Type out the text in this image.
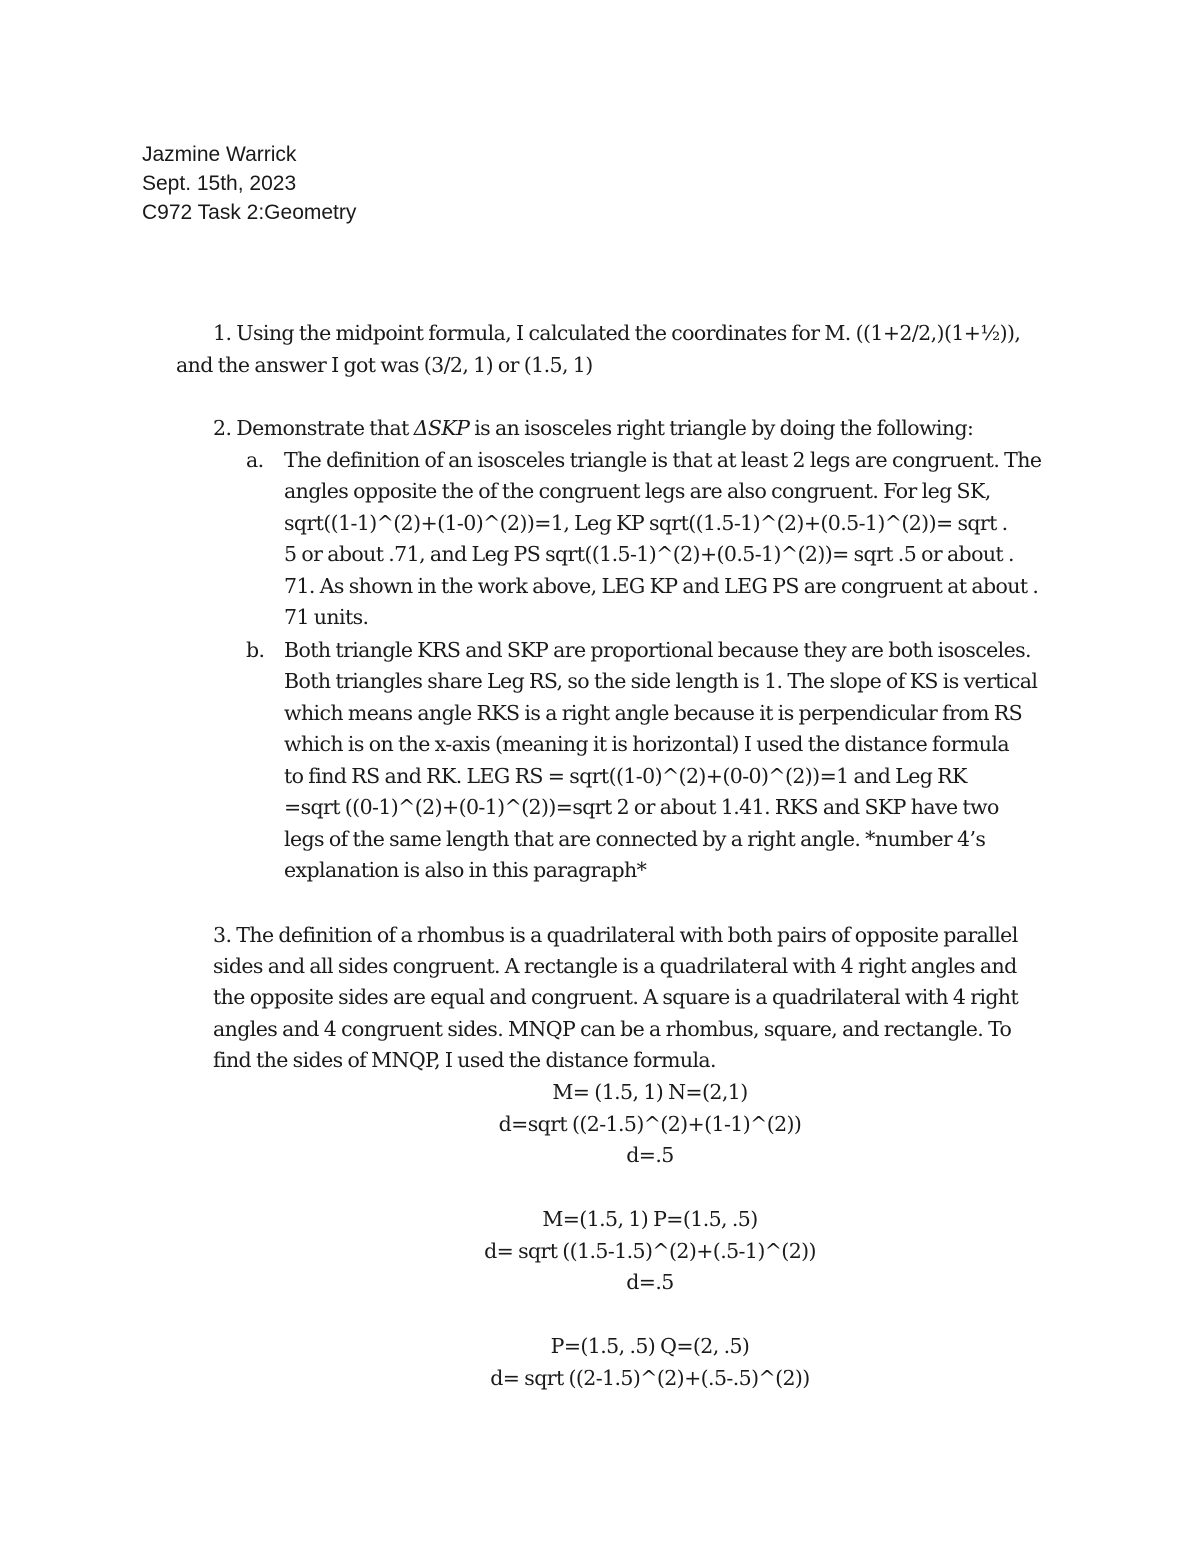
Jazmine Warrick
Sept. 15th, 2023
C972 Task 2:Geometry
1. Using the midpoint formula, I calculated the coordinates for M. ((1+2/2,)(1+½)),
and the answer I got was (3/2, 1) or (1.5, 1)
2. Demonstrate that ΔSKP is an isosceles right triangle by doing the following:
a. The definition of an isosceles triangle is that at least 2 legs are congruent. The
angles opposite the of the congruent legs are also congruent. For leg SK,
sqrt((1-1)^(2)+(1-0)^(2))=1, Leg KP sqrt((1.5-1)^(2)+(0.5-1)^(2))= sqrt .
5 or about .71, and Leg PS sqrt((1.5-1)^(2)+(0.5-1)^(2))= sqrt .5 or about .
71. As shown in the work above, LEG KP and LEG PS are congruent at about .
71 units.
b. Both triangle KRS and SKP are proportional because they are both isosceles.
Both triangles share Leg RS, so the side length is 1. The slope of KS is vertical
which means angle RKS is a right angle because it is perpendicular from RS
which is on the x-axis (meaning it is horizontal) I used the distance formula
to find RS and RK. LEG RS = sqrt((1-0)^(2)+(0-0)^(2))=1 and Leg RK
=sqrt ((0-1)^(2)+(0-1)^(2))=sqrt 2 or about 1.41. RKS and SKP have two
legs of the same length that are connected by a right angle. *number 4’s
explanation is also in this paragraph*
3. The definition of a rhombus is a quadrilateral with both pairs of opposite parallel
sides and all sides congruent. A rectangle is a quadrilateral with 4 right angles and
the opposite sides are equal and congruent. A square is a quadrilateral with 4 right
angles and 4 congruent sides. MNQP can be a rhombus, square, and rectangle. To
find the sides of MNQP, I used the distance formula.
M= (1.5, 1) N=(2,1)
d=sqrt ((2-1.5)^(2)+(1-1)^(2))
d=.5
M=(1.5, 1) P=(1.5, .5)
d= sqrt ((1.5-1.5)^(2)+(.5-1)^(2))
d=.5
P=(1.5, .5) Q=(2, .5)
d= sqrt ((2-1.5)^(2)+(.5-.5)^(2))
